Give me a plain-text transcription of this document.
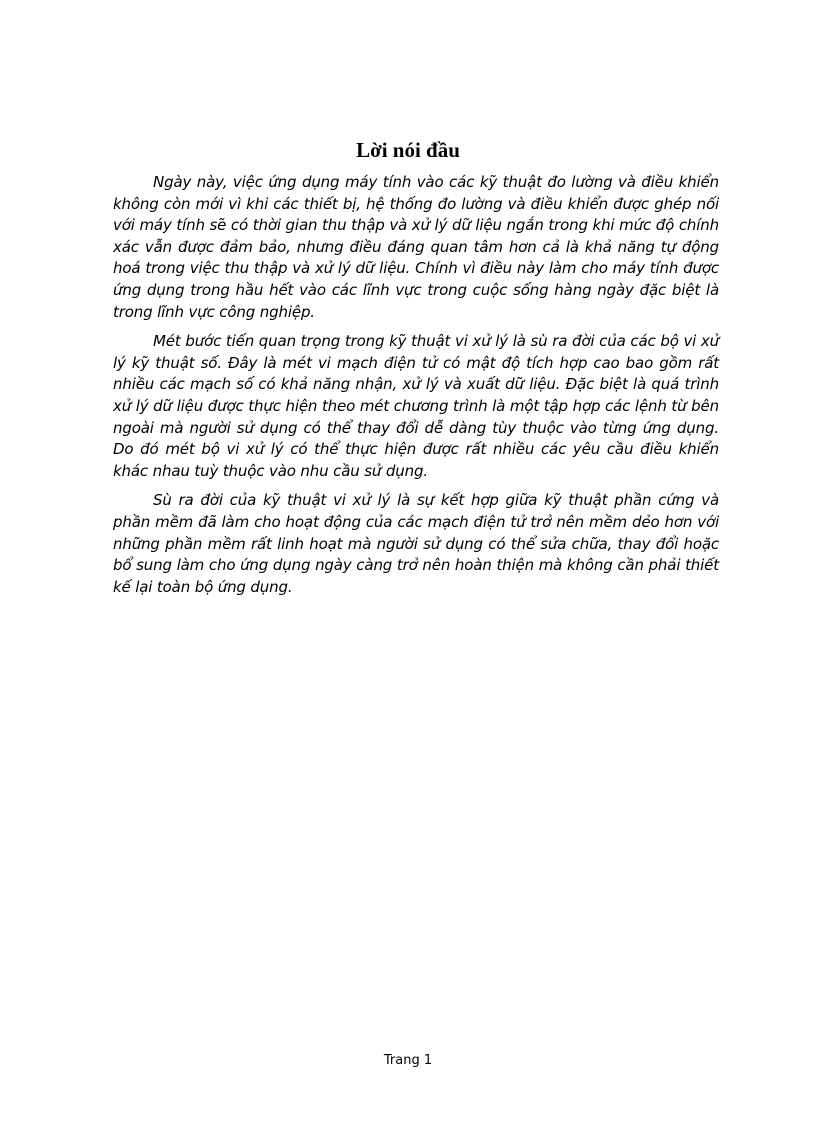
Lời nói đầu

Ngày này, việc ứng dụng máy tính vào các kỹ thuật đo lường và điều khiển không còn mới vì khi các thiết bị, hệ thống đo lường và điều khiển được ghép nối với máy tính sẽ có thời gian thu thập và xử lý dữ liệu ngắn trong khi mức độ chính xác vẫn được đảm bảo, nhưng điều đáng quan tâm hơn cả là khả năng tự động hoá trong việc thu thập và xử lý dữ liệu. Chính vì điều này làm cho máy tính được ứng dụng trong hầu hết vào các lĩnh vực trong cuộc sống hàng ngày đặc biệt là trong lĩnh vực công nghiệp.

Mét bước tiến quan trọng trong kỹ thuật vi xử lý là sù ra đời của các bộ vi xử lý kỹ thuật số. Đây là mét vi mạch điện tử có mật độ tích hợp cao bao gồm rất nhiều các mạch số có khả năng nhận, xử lý và xuất dữ liệu. Đặc biệt là quá trình xử lý dữ liệu được thực hiện theo mét chương trình là một tập hợp các lệnh từ bên ngoài mà người sử dụng có thể thay đổi dễ dàng tùy thuộc vào từng ứng dụng. Do đó mét bộ vi xử lý có thể thực hiện được rất nhiều các yêu cầu điều khiển khác nhau tuỳ thuộc vào nhu cầu sử dụng.

Sù ra đời của kỹ thuật vi xử lý là sự kết hợp giữa kỹ thuật phần cứng và phần mềm đã làm cho hoạt động của các mạch điện tử trở nên mềm dẻo hơn với những phần mềm rất linh hoạt mà người sử dụng có thể sửa chữa, thay đổi hoặc bổ sung làm cho ứng dụng ngày càng trở nên hoàn thiện mà không cần phải thiết kế lại toàn bộ ứng dụng.

Trang 1
